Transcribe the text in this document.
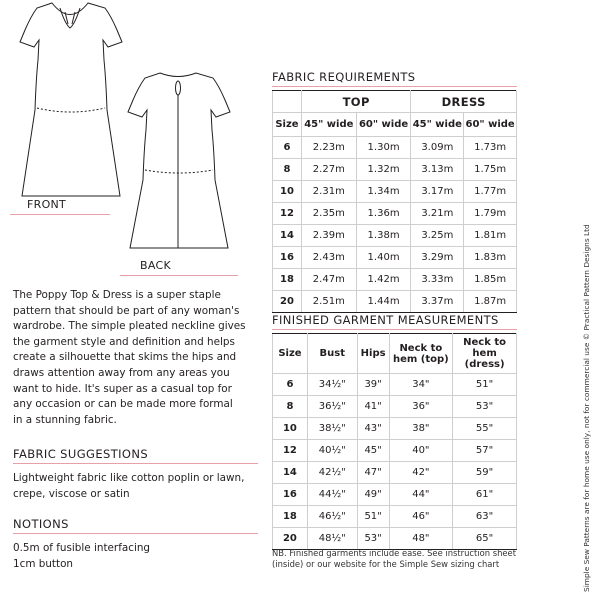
FRONT
BACK
The Poppy Top & Dress is a super staple
pattern that should be part of any woman's
wardrobe. The simple pleated neckline gives
the garment style and definition and helps
create a silhouette that skims the hips and
draws attention away from any areas you
want to hide. It's super as a casual top for
any occasion or can be made more formal
in a stunning fabric.
FABRIC SUGGESTIONS
Lightweight fabric like cotton poplin or lawn,
crepe, viscose or satin
NOTIONS
0.5m of fusible interfacing
1cm button
FABRIC REQUIREMENTS
	TOP		DRESS	
Size	45" wide	60" wide	45" wide	60" wide
6	2.23m	1.30m	3.09m	1.73m
8	2.27m	1.32m	3.13m	1.75m
10	2.31m	1.34m	3.17m	1.77m
12	2.35m	1.36m	3.21m	1.79m
14	2.39m	1.38m	3.25m	1.81m
16	2.43m	1.40m	3.29m	1.83m
18	2.47m	1.42m	3.33m	1.85m
20	2.51m	1.44m	3.37m	1.87m
FINISHED GARMENT MEASUREMENTS
Size	Bust	Hips	Neck to hem (top)	Neck to hem (dress)
6	34½"	39"	34"	51"
8	36½"	41"	36"	53"
10	38½"	43"	38"	55"
12	40½"	45"	40"	57"
14	42½"	47"	42"	59"
16	44½"	49"	44"	61"
18	46½"	51"	46"	63"
20	48½"	53"	48"	65"
NB. Finished garments include ease. See instruction sheet
(inside) or our website for the Simple Sew sizing chart	Simple Sew Patterns are for home use only, not for commercial use © Practical Pattern Designs Ltd
